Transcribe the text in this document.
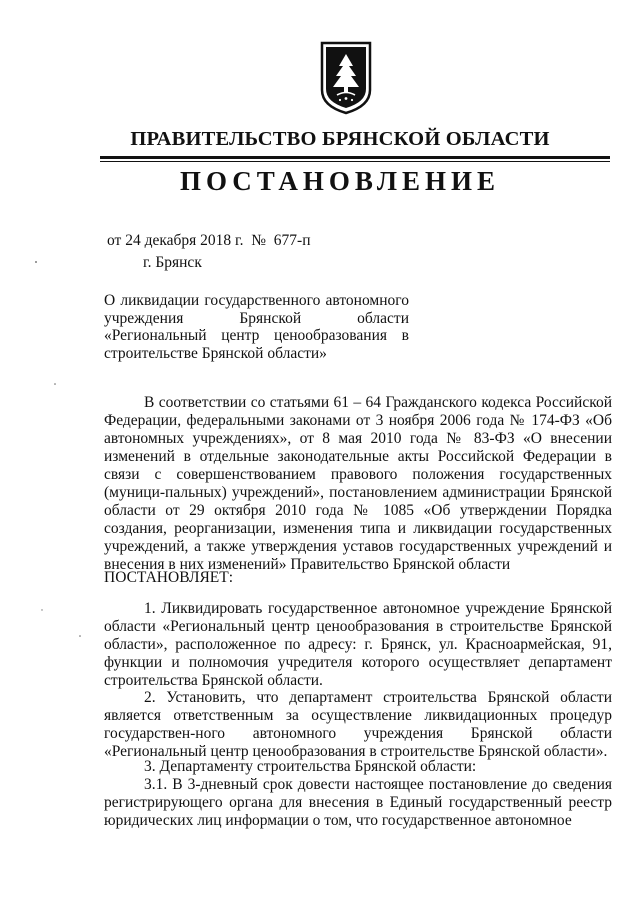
ПРАВИТЕЛЬСТВО БРЯНСКОЙ ОБЛАСТИ
ПОСТАНОВЛЕНИЕ
от 24 декабря 2018 г.  №  677-п
г. Брянск
О ликвидации государственного автономного учреждения Брянской области «Региональный центр ценообразования в строительстве Брянской области»
В соответствии со статьями 61 – 64 Гражданского кодекса Российской Федерации, федеральными законами от 3 ноября 2006 года № 174-ФЗ «Об автономных учреждениях», от 8 мая 2010 года № 83-ФЗ «О внесении изменений в отдельные законодательные акты Российской Федерации в связи с совершенствованием правового положения государственных (муници-пальных) учреждений», постановлением администрации Брянской области от 29 октября 2010 года № 1085 «Об утверждении Порядка создания, реорганизации, изменения типа и ликвидации государственных учреждений, а также утверждения уставов государственных учреждений и внесения в них изменений» Правительство Брянской области
ПОСТАНОВЛЯЕТ:
1. Ликвидировать государственное автономное учреждение Брянской области «Региональный центр ценообразования в строительстве Брянской области», расположенное по адресу: г. Брянск, ул. Красноармейская, 91, функции и полномочия учредителя которого осуществляет департамент строительства Брянской области.
2. Установить, что департамент строительства Брянской области является ответственным за осуществление ликвидационных процедур государствен-ного автономного учреждения Брянской области «Региональный центр ценообразования в строительстве Брянской области».
3. Департаменту строительства Брянской области:
3.1. В 3-дневный срок довести настоящее постановление до сведения регистрирующего органа для внесения в Единый государственный реестр юридических лиц информации о том, что государственное автономное
